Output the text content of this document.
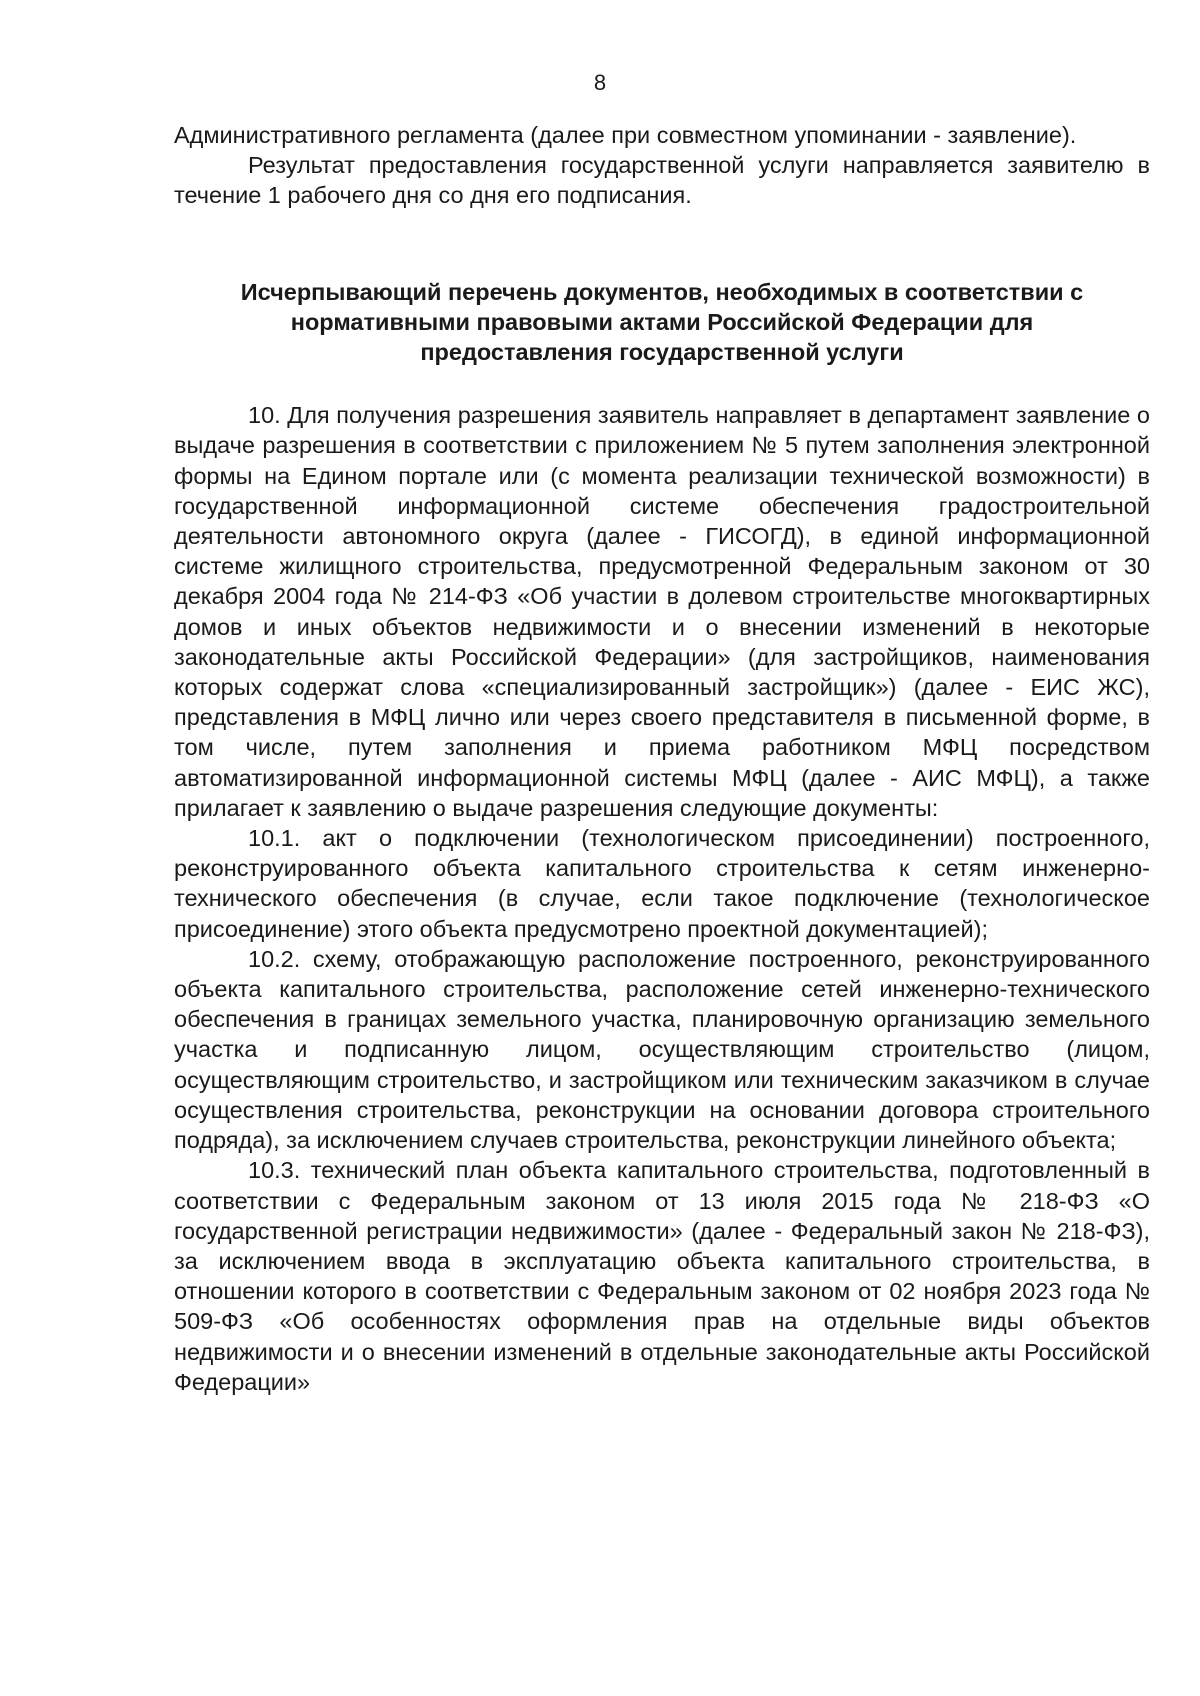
8

Административного регламента (далее при совместном упоминании - заявление).

Результат предоставления государственной услуги направляется заявителю в течение 1 рабочего дня со дня его подписания.

Исчерпывающий перечень документов, необходимых в соответствии с
нормативными правовыми актами Российской Федерации для
предоставления государственной услуги

10. Для получения разрешения заявитель направляет в департамент заявление о выдаче разрешения в соответствии с приложением № 5 путем заполнения электронной формы на Едином портале или (с момента реализации технической возможности) в государственной информационной системе обеспечения градостроительной деятельности автономного округа (далее - ГИСОГД), в единой информационной системе жилищного строительства, предусмотренной Федеральным законом от 30 декабря 2004 года № 214-ФЗ «Об участии в долевом строительстве многоквартирных домов и иных объектов недвижимости и о внесении изменений в некоторые законодательные акты Российской Федерации» (для застройщиков, наименования которых содержат слова «специализированный застройщик») (далее - ЕИС ЖС), представления в МФЦ лично или через своего представителя в письменной форме, в том числе, путем заполнения и приема работником МФЦ посредством автоматизированной информационной системы МФЦ (далее - АИС МФЦ), а также прилагает к заявлению о выдаче разрешения следующие документы:

10.1. акт о подключении (технологическом присоединении) построенного, реконструированного объекта капитального строительства к сетям инженерно-технического обеспечения (в случае, если такое подключение (технологическое присоединение) этого объекта предусмотрено проектной документацией);

10.2. схему, отображающую расположение построенного, реконструированного объекта капитального строительства, расположение сетей инженерно-технического обеспечения в границах земельного участка, планировочную организацию земельного участка и подписанную лицом, осуществляющим строительство (лицом, осуществляющим строительство, и застройщиком или техническим заказчиком в случае осуществления строительства, реконструкции на основании договора строительного подряда), за исключением случаев строительства, реконструкции линейного объекта;

10.3. технический план объекта капитального строительства, подготовленный в соответствии с Федеральным законом от 13 июля 2015 года № 218-ФЗ «О государственной регистрации недвижимости» (далее - Федеральный закон № 218-ФЗ), за исключением ввода в эксплуатацию объекта капитального строительства, в отношении которого в соответствии с Федеральным законом от 02 ноября 2023 года № 509-ФЗ «Об особенностях оформления прав на отдельные виды объектов недвижимости и о внесении изменений в отдельные законодательные акты Российской Федерации»
